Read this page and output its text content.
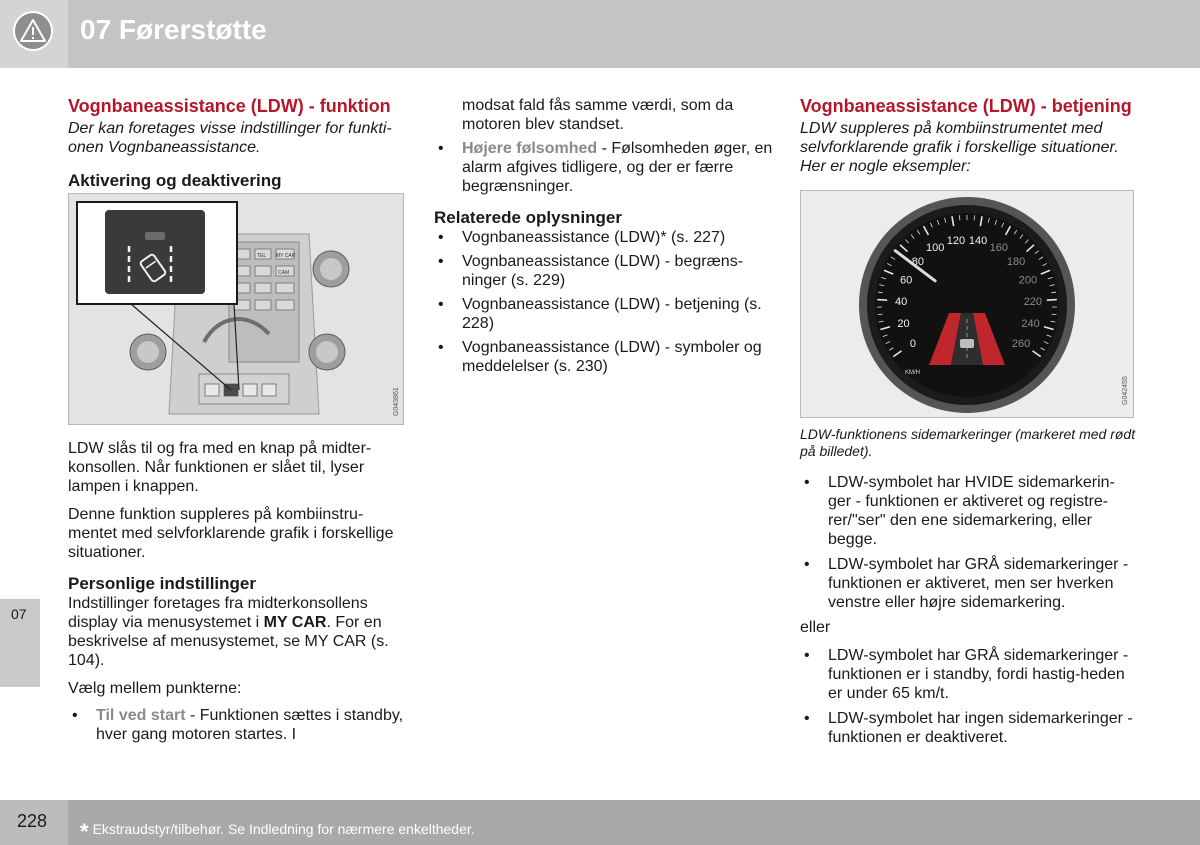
07 Førerstøtte
07
Vognbaneassistance (LDW) - funktion

Der kan foretages visse indstillinger for funkti-onen Vognbaneassistance.

Aktivering og deaktivering
TEL MY CAR
CAM
G043861

LDW slås til og fra med en knap på midter-konsollen. Når funktionen er slået til, lyser lampen i knappen.

Denne funktion suppleres på kombiinstru-mentet med selvforklarende grafik i forskellige situationer.

Personlige indstillinger

Indstillinger foretages fra midterkonsollens display via menusystemet i MY CAR. For en beskrivelse af menusystemet, se MY CAR (s. 104).

Vælg mellem punkterne:

• Til ved start - Funktionen sættes i standby, hver gang motoren startes. I

modsat fald fås samme værdi, som da motoren blev standset.

• Højere følsomhed - Følsomheden øger, en alarm afgives tidligere, og der er færre begrænsninger.
Relaterede oplysninger
• Vognbaneassistance (LDW)* (s. 227)
• Vognbaneassistance (LDW) - begræns-ninger (s. 229)
• Vognbaneassistance (LDW) - betjening (s. 228)
• Vognbaneassistance (LDW) - symboler og meddelelser (s. 230)
Vognbaneassistance (LDW) - betjening

LDW suppleres på kombiinstrumentet med selvforklarende grafik i forskellige situationer. Her er nogle eksempler:

0
20
40
60
80
100
120 140
160
180
200
220
240
260
KM/H
G042455

LDW-funktionens sidemarkeringer (markeret med rødt på billedet).

• LDW-symbolet har HVIDE sidemarkerin-ger - funktionen er aktiveret og registre-rer/"ser" den ene sidemarkering, eller begge.
• LDW-symbolet har GRÅ sidemarkeringer - funktionen er aktiveret, men ser hverken venstre eller højre sidemarkering.

eller

• LDW-symbolet har GRÅ sidemarkeringer - funktionen er i standby, fordi hastig-heden er under 65 km/t.
• LDW-symbolet har ingen sidemarkeringer - funktionen er deaktiveret.
228 * Ekstraudstyr/tilbehør. Se Indledning for nærmere enkeltheder.
